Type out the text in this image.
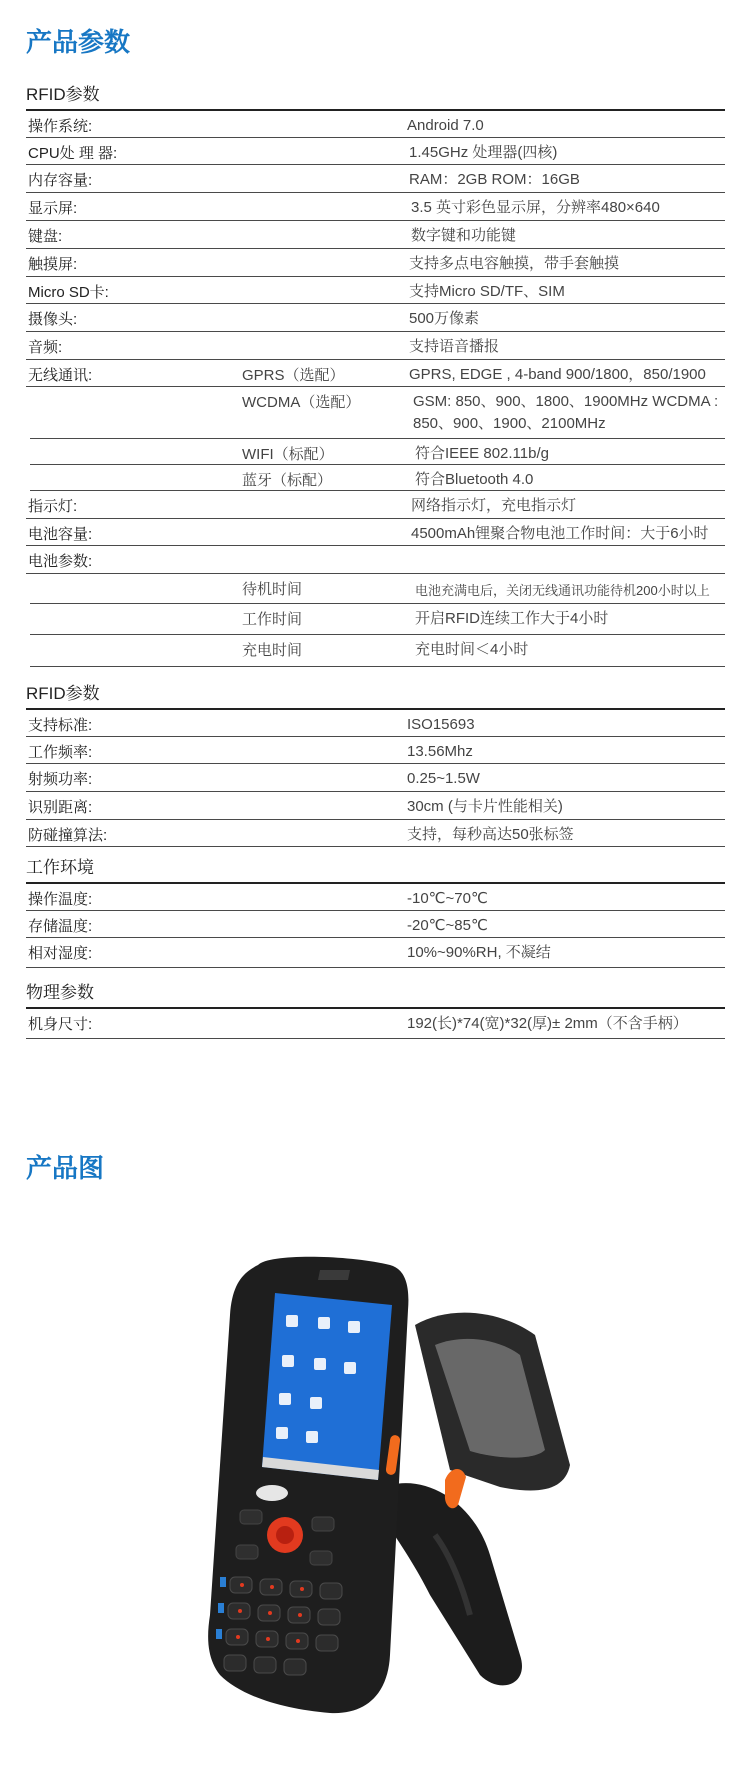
产品参数
RFID参数
操作系统:	Android 7.0
CPU处 理 器:	1.45GHz 处理器(四核)
内存容量:	RAM：2GB ROM：16GB
显示屏:	3.5 英寸彩色显示屏，分辨率480×640
键盘:	数字键和功能键
触摸屏:	支持多点电容触摸，带手套触摸
Micro SD卡:	支持Micro SD/TF、SIM
摄像头:	500万像素
音频:	支持语音播报
无线通讯:	GPRS（选配）	GPRS, EDGE , 4-band 900/1800，850/1900
WCDMA（选配）	GSM: 850、900、1800、1900MHz WCDMA : 850、900、1900、2100MHz
WIFI（标配）	符合IEEE 802.11b/g
蓝牙（标配）	符合Bluetooth 4.0
指示灯:	网络指示灯，充电指示灯
电池容量:	4500mAh锂聚合物电池工作时间：大于6小时
电池参数:
待机时间	电池充满电后，关闭无线通讯功能待机200小时以上
工作时间	开启RFID连续工作大于4小时
充电时间	充电时间＜4小时
RFID参数
支持标准:	ISO15693
工作频率:	13.56Mhz
射频功率:	0.25~1.5W
识别距离:	30cm (与卡片性能相关)
防碰撞算法:	支持，每秒高达50张标签
工作环境
操作温度:	-10℃~70℃
存储温度:	-20℃~85℃
相对湿度:	10%~90%RH, 不凝结
物理参数
机身尺寸:	192(长)*74(宽)*32(厚)± 2mm（不含手柄）
产品图
